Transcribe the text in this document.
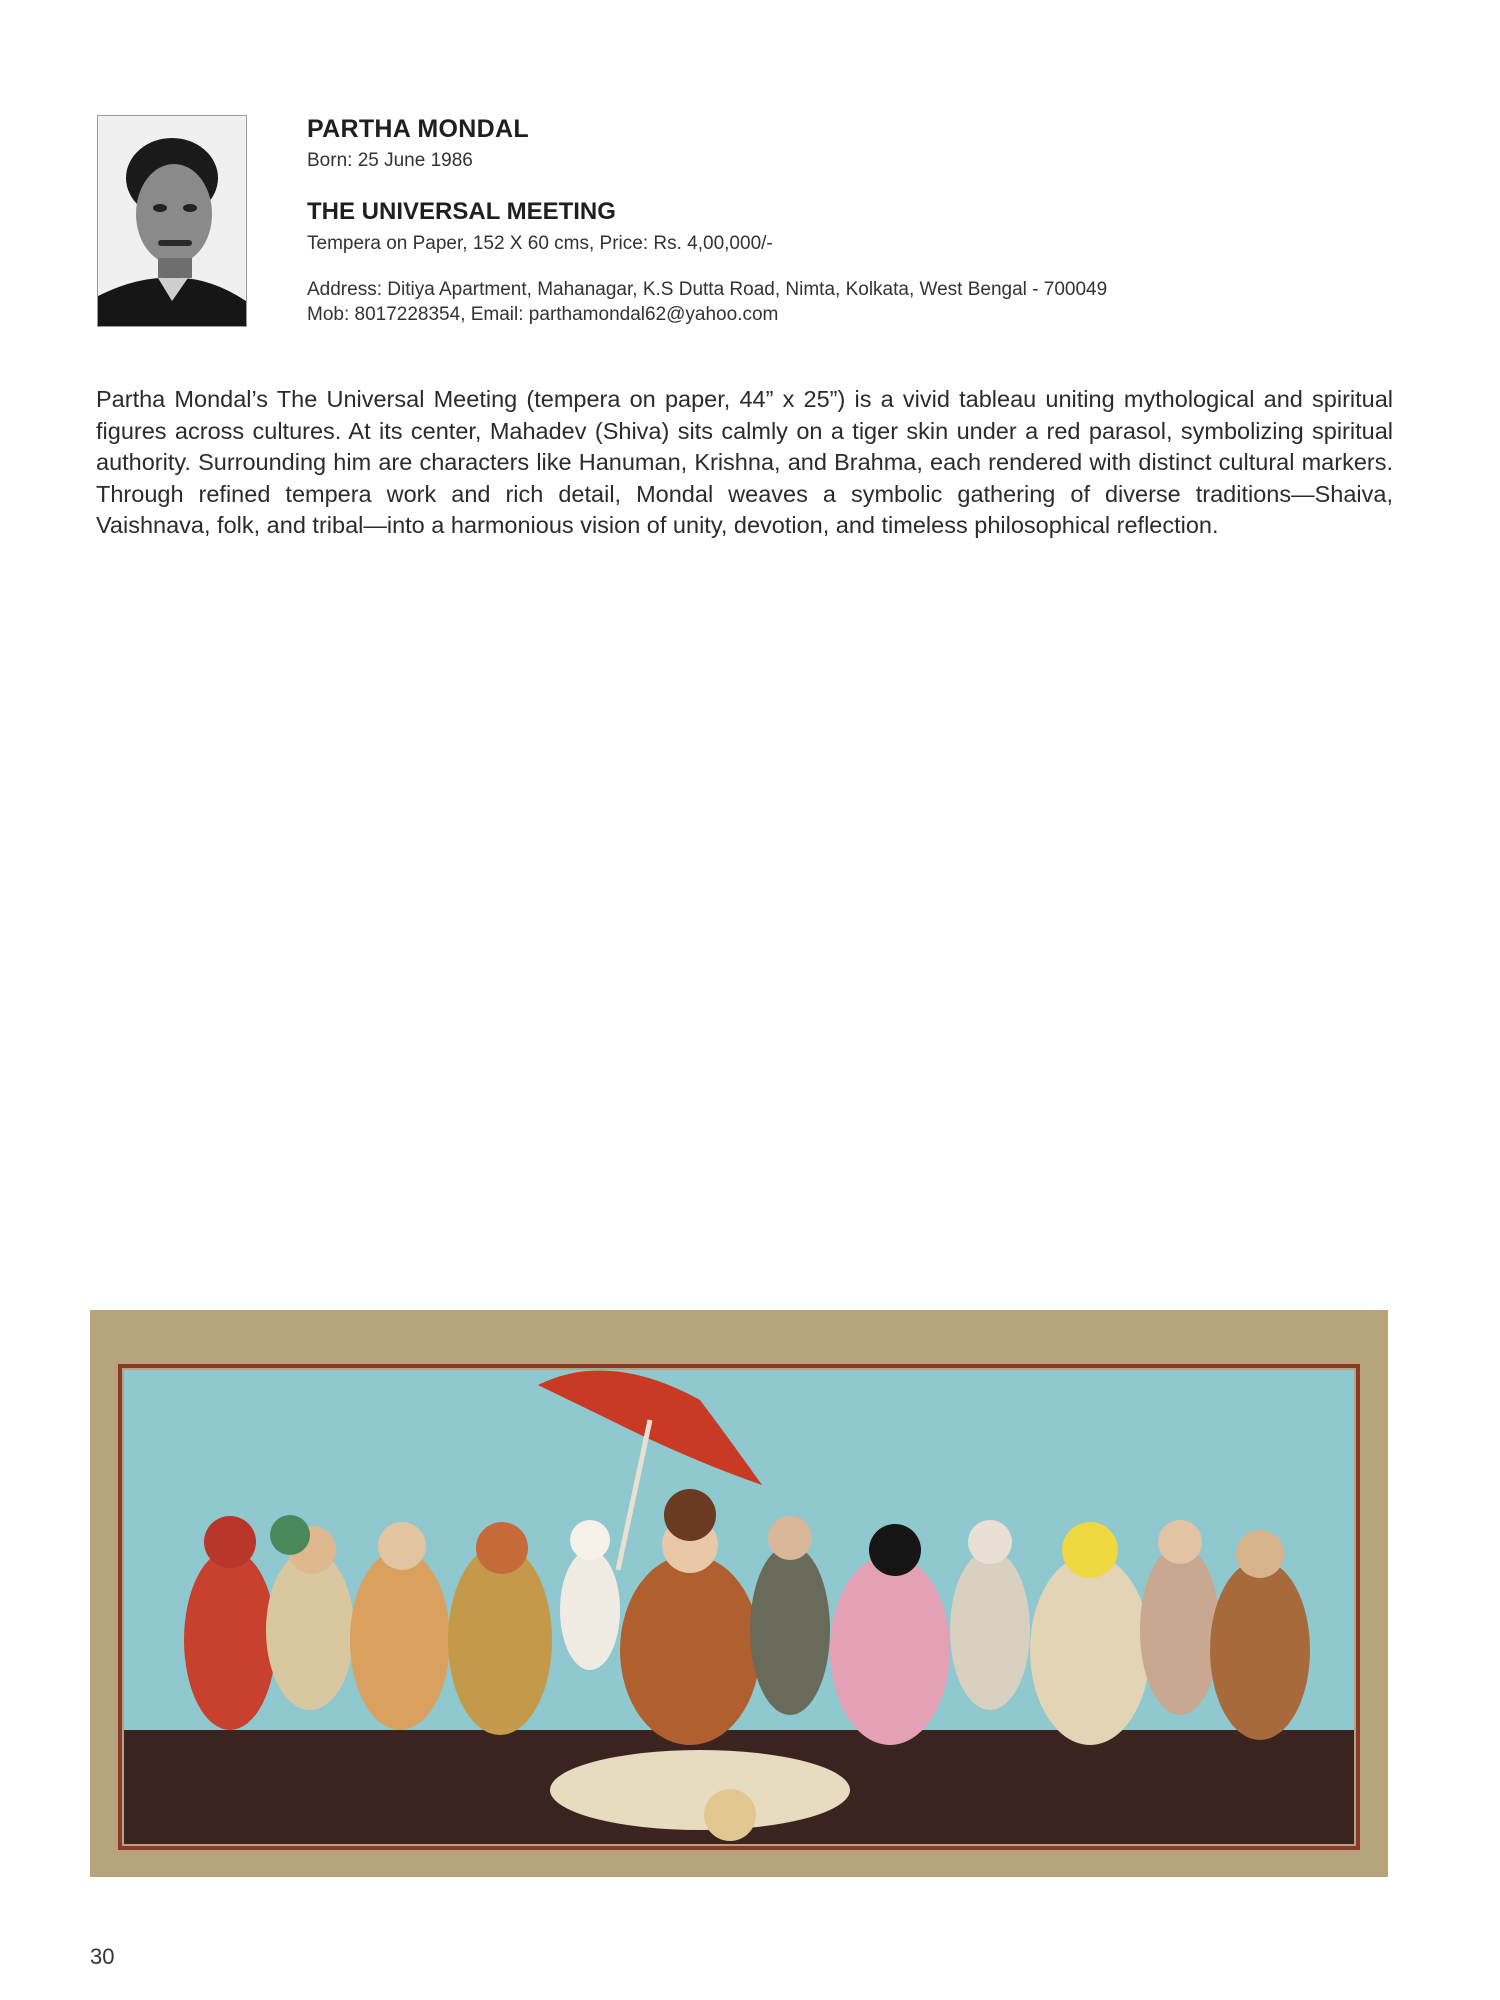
PARTHA MONDAL

Born: 25 June 1986

THE UNIVERSAL MEETING

Tempera on Paper, 152 X 60 cms, Price: Rs. 4,00,000/-

Address: Ditiya Apartment, Mahanagar, K.S Dutta Road, Nimta, Kolkata, West Bengal - 700049

Mob: 8017228354, Email: parthamondal62@yahoo.com

Partha Mondal’s The Universal Meeting (tempera on paper, 44” x 25”) is a vivid tableau uniting mythological and spiritual figures across cultures. At its center, Mahadev (Shiva) sits calmly on a tiger skin under a red parasol, symbolizing spiritual authority. Surrounding him are characters like Hanuman, Krishna, and Brahma, each rendered with distinct cultural markers. Through refined tempera work and rich detail, Mondal weaves a symbolic gathering of diverse traditions—Shaiva, Vaishnava, folk, and tribal—into a harmonious vision of unity, devotion, and timeless philosophical reflection.

30
